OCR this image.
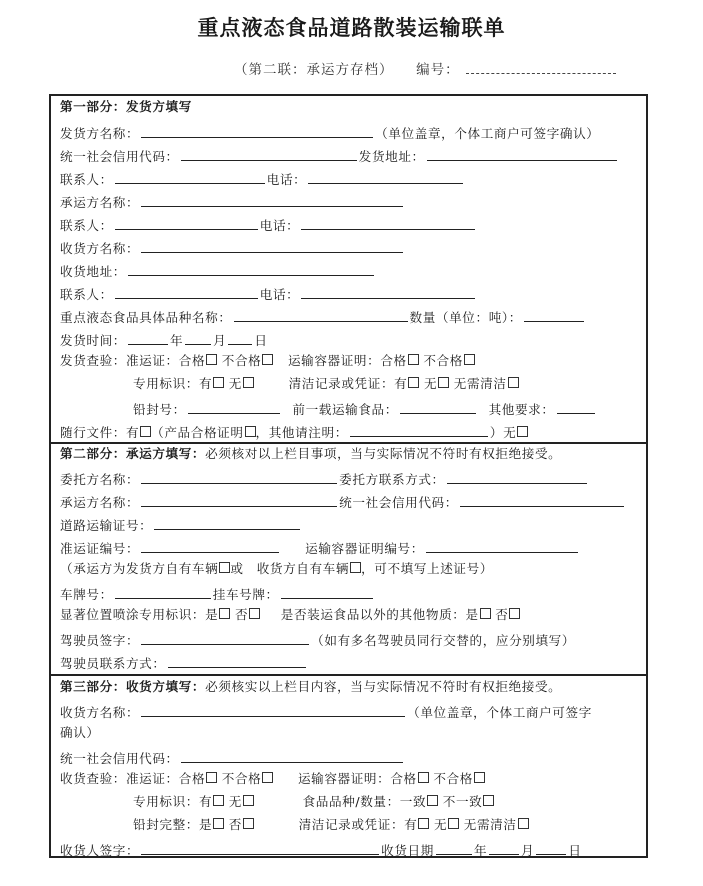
重点液态食品道路散装运输联单
（第二联：承运方存档） 编号：
第一部分：发货方填写
发货方名称：	（单位盖章，个体工商户可签字确认）
统一社会信用代码：	发货地址：
联系人：	电话：
承运方名称：
联系人：	电话：
收货方名称：
收货地址：
联系人：	电话：
重点液态食品具体品种名称：	数量（单位：吨）：
发货时间：	年 月 日
发货查验：准运证：合格 不合格 运输容器证明：合格 不合格
专用标识：有 无	清洁记录或凭证：有 无 无需清洁
铅封号：	前一载运输食品：	其他要求：
随行文件：有 （产品合格证明 ，其他请注明：	）无
第二部分：承运方填写：必须核对以上栏目事项，当与实际情况不符时有权拒绝接受。
委托方名称：	委托方联系方式：
承运方名称：	统一社会信用代码：
道路运输证号：
准运证编号：	运输容器证明编号：
（承运方为发货方自有车辆 或　收货方自有车辆 ，可不填写上述证号）
车牌号：	挂车号牌：
显著位置喷涂专用标识：是 否	是否装运食品以外的其他物质：是 否
驾驶员签字：	（如有多名驾驶员同行交替的，应分别填写）
驾驶员联系方式：
第三部分：收货方填写：必须核实以上栏目内容，当与实际情况不符时有权拒绝接受。
收货方名称：	（单位盖章，个体工商户可签字
确认）
统一社会信用代码：
收货查验：准运证：合格 不合格	运输容器证明：合格 不合格
专用标识：有 无	食品品种/数量：一致 不一致
铅封完整：是 否	清洁记录或凭证：有 无 无需清洁
收货人签字：	收货日期	年	月	日
